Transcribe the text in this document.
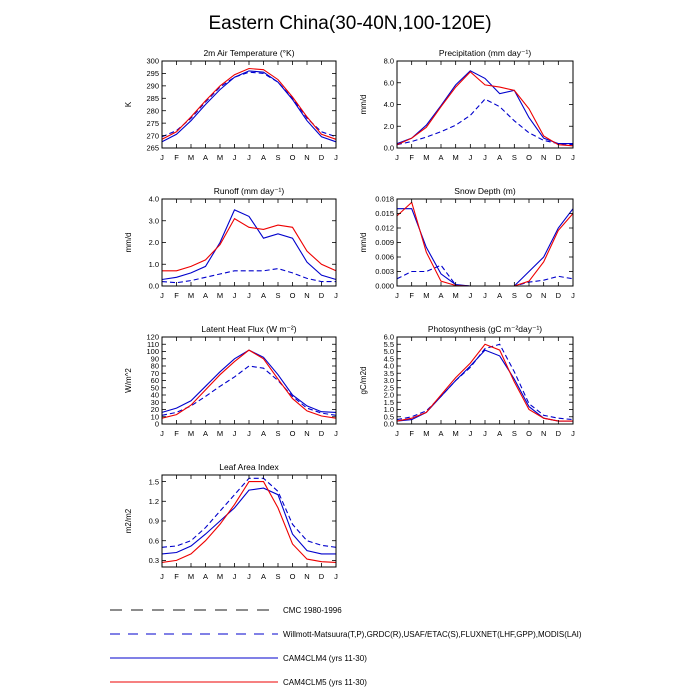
Eastern China(30-40N,100-120E)
J F M A M J J A S O N D J
265
270
275
280
285
290
295
300
2m Air Temperature (°K)
K
J F M A M J J A S O N D J
0.0
2.0
4.0
6.0
8.0
Precipitation (mm day⁻¹)
mm/d
J F M A M J J A S O N D J
0.0
1.0
2.0
3.0
4.0
Runoff (mm day⁻¹)
mm/d
J F M A M J J A S O N D J
0.000
0.003
0.006
0.009
0.012
0.015
0.018
Snow Depth (m)
mm/d
J F M A M J J A S O N D J
0
10
20
30
40
50
60
70
80
90
100
110
120
Latent Heat Flux (W m⁻²)
W/m^2
J F M A M J J A S O N D J
0.0
0.5
1.0
1.5
2.0
2.5
3.0
3.5
4.0
4.5
5.0
5.5
6.0
Photosynthesis (gC m⁻²day⁻¹)
gC/m2d
J F M A M J J A S O N D J
0.3
0.6
0.9
1.2
1.5
Leaf Area Index
m2/m2
CMC 1980-1996
Willmott-Matsuura(T,P),GRDC(R),USAF/ETAC(S),FLUXNET(LHF,GPP),MODIS(LAI)
CAM4CLM4 (yrs 11-30)
CAM4CLM5 (yrs 11-30)
